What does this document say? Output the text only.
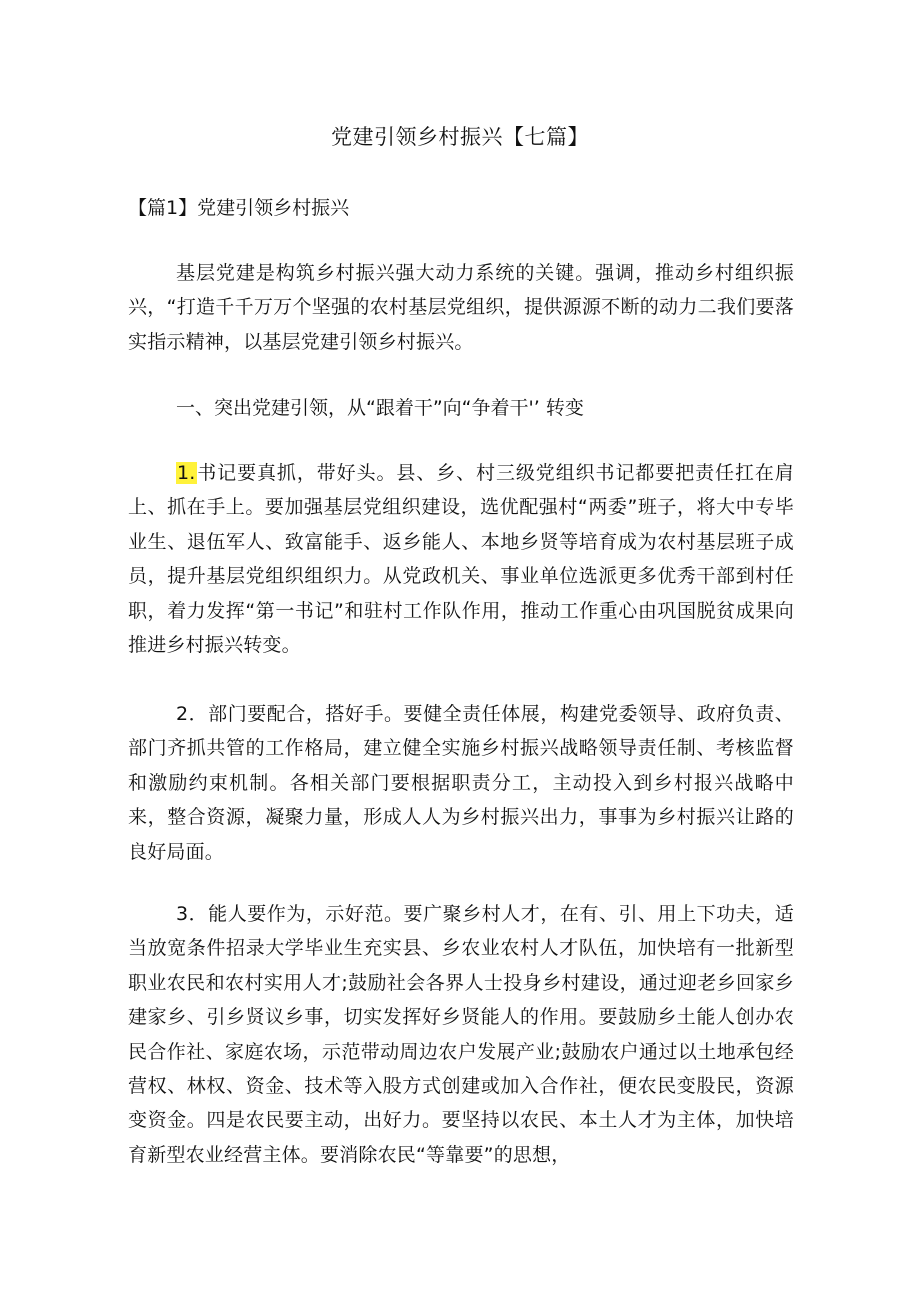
党建引领乡村振兴【七篇】

【篇1】党建引领乡村振兴

基层党建是构筑乡村振兴强大动力系统的关键。强调，推动乡村组织振兴，“打造千千万万个坚强的农村基层党组织，提供源源不断的动力二我们要落实指示精神，以基层党建引领乡村振兴。

一、突出党建引领，从“跟着干”向“争着干'’ 转变

1.书记要真抓，带好头。县、乡、村三级党组织书记都要把责任扛在肩上、抓在手上。要加强基层党组织建设，选优配强村“两委”班子，将大中专毕业生、退伍军人、致富能手、返乡能人、本地乡贤等培育成为农村基层班子成员，提升基层党组织组织力。从党政机关、事业单位选派更多优秀干部到村任职，着力发挥“第一书记”和驻村工作队作用，推动工作重心由巩国脱贫成果向推进乡村振兴转变。

2．部门要配合，搭好手。要健全责任体展，构建党委领导、政府负责、部门齐抓共管的工作格局，建立健全实施乡村振兴战略领导责任制、考核监督和激励约束机制。各相关部门要根据职责分工，主动投入到乡村报兴战略中来，整合资源，凝聚力量，形成人人为乡村振兴出力，事事为乡村振兴让路的良好局面。

3．能人要作为，示好范。要广聚乡村人才，在有、引、用上下功夫，适当放宽条件招录大学毕业生充实县、乡农业农村人才队伍，加快培有一批新型职业农民和农村实用人才;鼓励社会各界人士投身乡村建设，通过迎老乡回家乡建家乡、引乡贤议乡事，切实发挥好乡贤能人的作用。要鼓励乡土能人创办农民合作社、家庭农场，示范带动周边农户发展产业;鼓励农户通过以土地承包经营权、林权、资金、技术等入股方式创建或加入合作社，便农民变股民，资源变资金。四是农民要主动，出好力。要坚持以农民、本土人才为主体，加快培育新型农业经营主体。要消除农民“等靠要”的思想，
